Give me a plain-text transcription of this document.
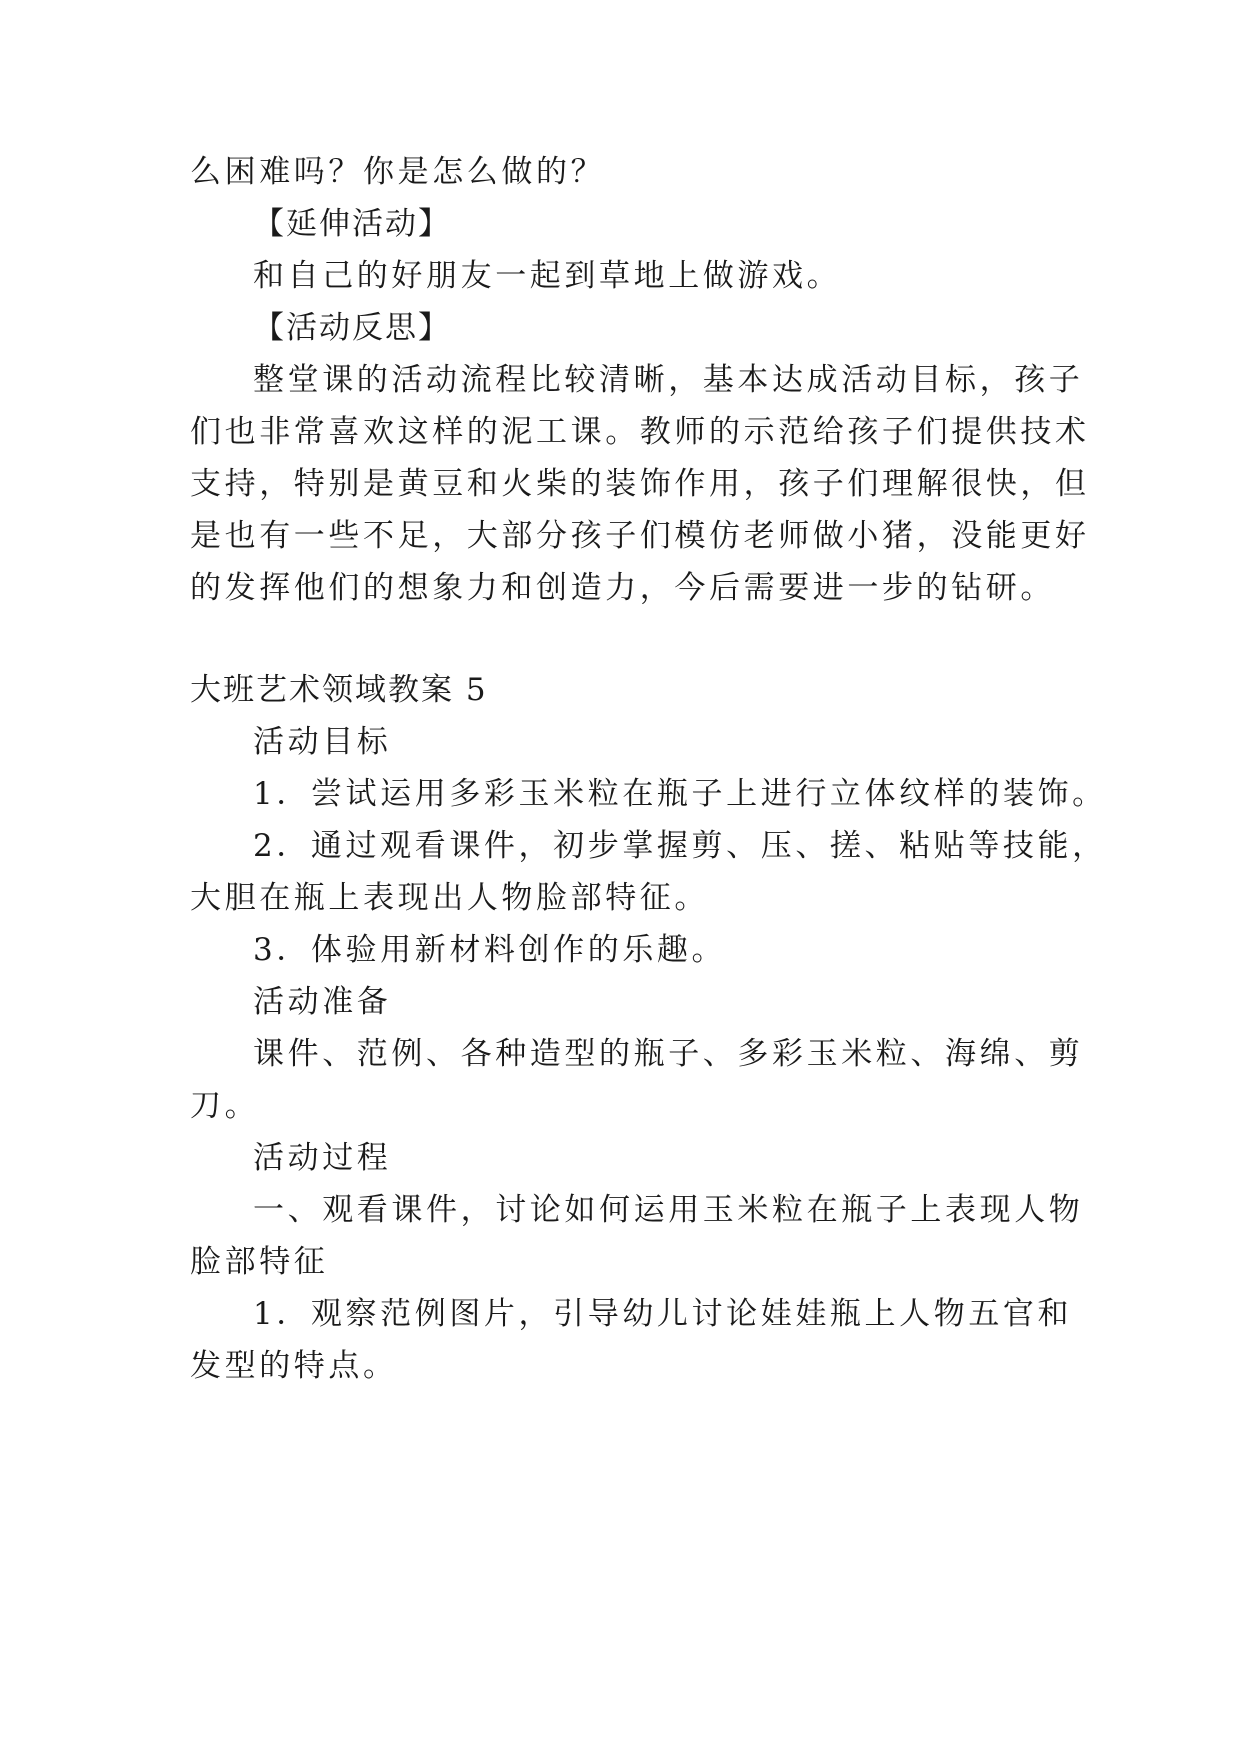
么困难吗？你是怎么做的？

【延伸活动】

和自己的好朋友一起到草地上做游戏。

【活动反思】

整堂课的活动流程比较清晰，基本达成活动目标，孩子

们也非常喜欢这样的泥工课。教师的示范给孩子们提供技术

支持，特别是黄豆和火柴的装饰作用，孩子们理解很快，但

是也有一些不足，大部分孩子们模仿老师做小猪，没能更好

的发挥他们的想象力和创造力，今后需要进一步的钻研。

大班艺术领域教案 5

活动目标

1．尝试运用多彩玉米粒在瓶子上进行立体纹样的装饰。

2．通过观看课件，初步掌握剪、压、搓、粘贴等技能，

大胆在瓶上表现出人物脸部特征。

3．体验用新材料创作的乐趣。

活动准备

课件、范例、各种造型的瓶子、多彩玉米粒、海绵、剪

刀。

活动过程

一、观看课件，讨论如何运用玉米粒在瓶子上表现人物

脸部特征

1．观察范例图片，引导幼儿讨论娃娃瓶上人物五官和

发型的特点。
